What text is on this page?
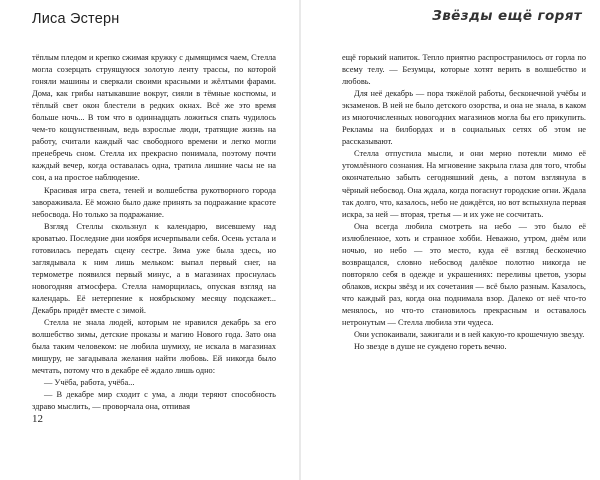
Лиса Эстерн

тёплым пледом и крепко сжимая кружку с дымящимся чаем, Стелла могла созерцать струящуюся золотую ленту трассы, по которой гоняли машины и сверкали своими красными и жёлтыми фарами. Дома, как грибы натыкавшие вокруг, сияли в тёмные костюмы, и тёплый свет окон блестели в редких окнах. Всё же это время больше ночь... В том что в одиннадцать ложиться спать чудилось чем-то кощунственным, ведь взрослые люди, тратящие жизнь на работу, считали каждый час свободного времени и легко могли пренебречь сном. Стелла их прекрасно понимала, поэтому почти каждый вечер, когда оставалась одна, тратила лишние часы не на сон, а на простое наблюдение.

Красивая игра света, теней и волшебства рукотворного города завораживала. Её можно было даже принять за подражание красоте небосвода. Но только за подражание.

Взгляд Стеллы скользнул к календарю, висевшему над кроватью. Последние дни ноября исчерпывали себя. Осень устала и готовилась передать сцену сестре. Зима уже была здесь, но заглядывала к ним лишь мельком: выпал первый снег, на термометре появился первый минус, а в магазинах проснулась новогодняя атмосфера. Стелла наморщилась, опуская взгляд на календарь. Её нетерпение к ноябрьскому месяцу подскажет... Декабрь придёт вместе с зимой.

Стелла не знала людей, которым не нравился декабрь за его волшебство зимы, детские проказы и магию Нового года. Зато она была таким человеком: не любила шумиху, не искала в магазинах мишуру, не загадывала желания найти любовь. Ей никогда было мечтать, потому что в декабре её ждало лишь одно:

— Учёба, работа, учёба...

— В декабре мир сходит с ума, а люди теряют способность здраво мыслить, — проворчала она, отпивая

12
Звёзды ещё горят

ещё горький напиток. Тепло приятно распространилось от горла по всему телу. — Безумцы, которые хотят верить в волшебство и любовь.

Для неё декабрь — пора тяжёлой работы, бесконечной учёбы и экзаменов. В ней не было детского озорства, и она не знала, в каком из многочисленных новогодних магазинов могла бы его прикупить. Рекламы на билбордах и в социальных сетях об этом не рассказывают.

Стелла отпустила мысли, и они мерно потекли мимо её утомлённого сознания. На мгновение закрыла глаза для того, чтобы окончательно забыть сегодняшний день, а потом взглянула в чёрный небосвод. Она ждала, когда погаснут городские огни. Ждала так долго, что, казалось, небо не дождётся, но вот вспыхнула первая искра, за ней — вторая, третья — и их уже не сосчитать.

Она всегда любила смотреть на небо — это было её излюбленное, хоть и странное хобби. Неважно, утром, днём или ночью, но небо — это место, куда её взгляд бесконечно возвращался, словно небосвод далёкое полотно никогда не повторяло себя в одежде и украшениях: переливы цветов, узоры облаков, искры звёзд и их сочетания — всё было разным. Казалось, что каждый раз, когда она поднимала взор. Далеко от неё что-то менялось, но что-то становилось прекрасным и оставалось нетронутым — Стелла любила эти чудеса.

Они успокаивали, зажигали и в ней какую-то крошечную звезду.

Но звезде в душе не суждено гореть вечно.
